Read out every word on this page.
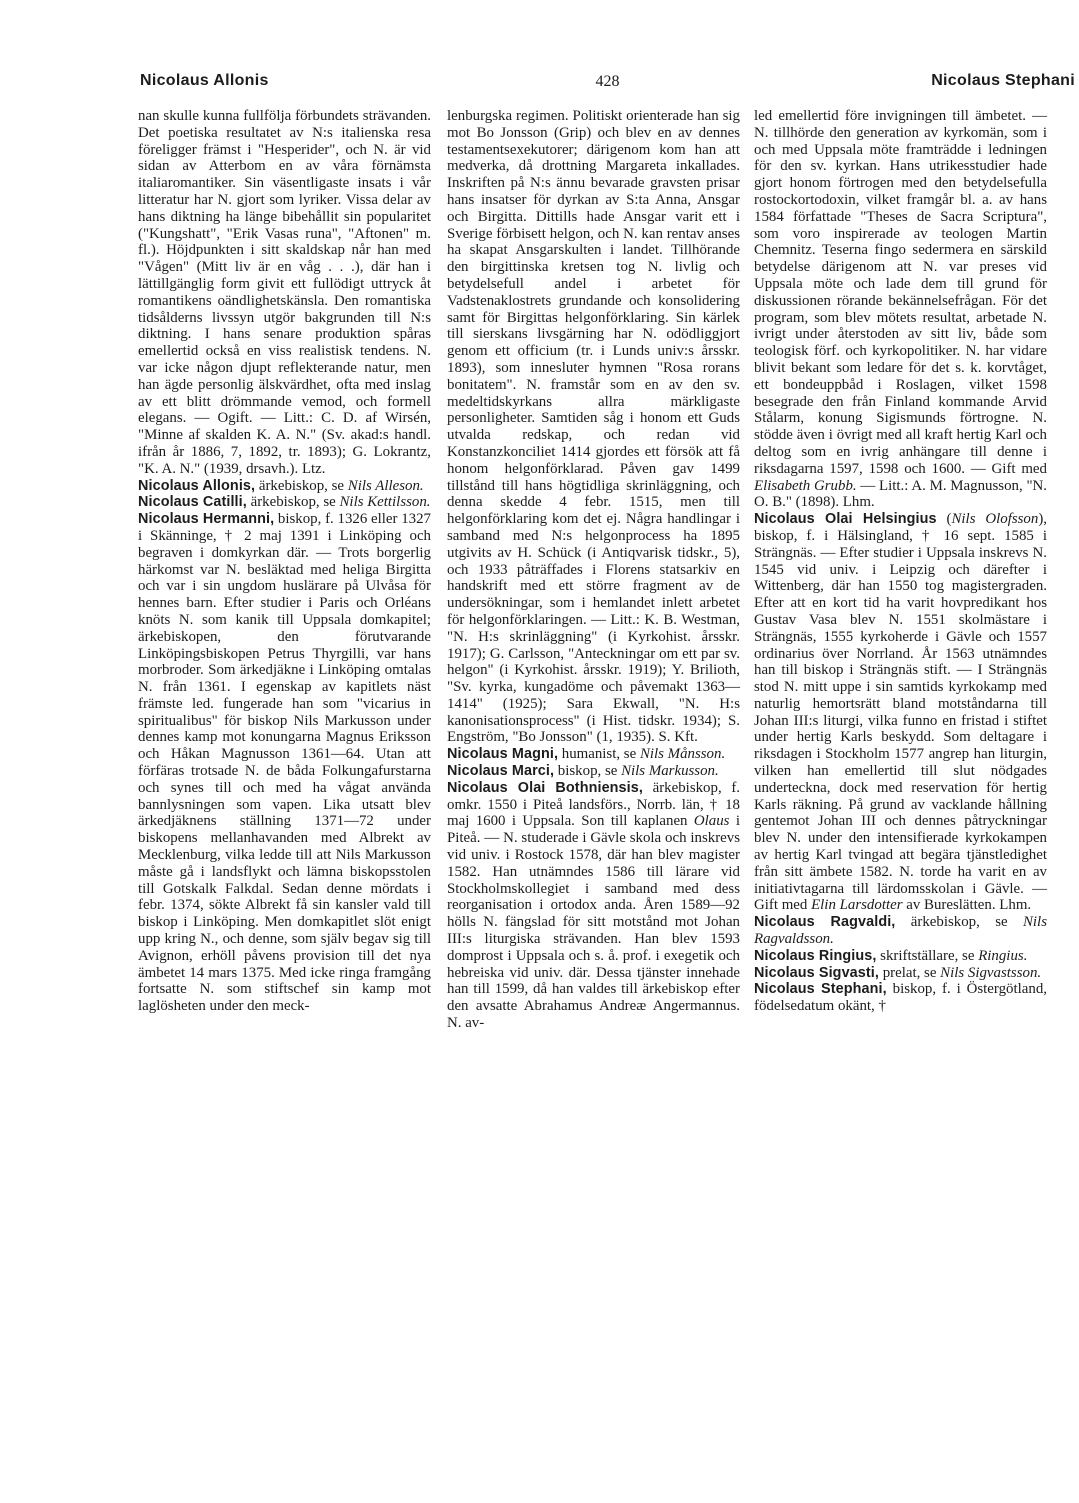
Nicolaus Allonis	428	Nicolaus Stephani

nan skulle kunna fullfölja förbundets strävanden. Det poetiska resultatet av N:s italienska resa föreligger främst i "Hesperider", och N. är vid sidan av Atterbom en av våra förnämsta italiaromantiker. Sin väsentligaste insats i vår litteratur har N. gjort som lyriker. Vissa delar av hans diktning ha länge bibehållit sin popularitet ("Kungshatt", "Erik Vasas runa", "Aftonen" m. fl.). Höjdpunkten i sitt skaldskap når han med "Vågen" (Mitt liv är en våg . . .), där han i lättillgänglig form givit ett fullödigt uttryck åt romantikens oändlighetskänsla. Den romantiska tidsålderns livssyn utgör bakgrunden till N:s diktning. I hans senare produktion spåras emellertid också en viss realistisk tendens. N. var icke någon djupt reflekterande natur, men han ägde personlig älskvärdhet, ofta med inslag av ett blitt drömmande vemod, och formell elegans. — Ogift. — Litt.: C. D. af Wirsén, "Minne af skalden K. A. N." (Sv. akad:s handl. ifrån år 1886, 7, 1892, tr. 1893); G. Lokrantz, "K. A. N." (1939, drsavh.). Ltz.

Nicolaus Allonis, ärkebiskop, se Nils Alleson.

Nicolaus Catilli, ärkebiskop, se Nils Kettilsson.

Nicolaus Hermanni, biskop, f. 1326 eller 1327 i Skänninge, † 2 maj 1391 i Linköping och begraven i domkyrkan där. — Trots borgerlig härkomst var N. besläktad med heliga Birgitta och var i sin ungdom huslärare på Ulvåsa för hennes barn. Efter studier i Paris och Orléans knöts N. som kanik till Uppsala domkapitel; ärkebiskopen, den förutvarande Linköpingsbiskopen Petrus Thyrgilli, var hans morbroder. Som ärkedjäkne i Linköping omtalas N. från 1361. I egenskap av kapitlets näst främste led. fungerade han som "vicarius in spiritualibus" för biskop Nils Markusson under dennes kamp mot konungarna Magnus Eriksson och Håkan Magnusson 1361—64. Utan att förfäras trotsade N. de båda Folkungafurstarna och synes till och med ha vågat använda bannlysningen som vapen. Lika utsatt blev ärkedjäknens ställning 1371—72 under biskopens mellanhavanden med Albrekt av Mecklenburg, vilka ledde till att Nils Markusson måste gå i landsflykt och lämna biskopsstolen till Gotskalk Falkdal. Sedan denne mördats i febr. 1374, sökte Albrekt få sin kansler vald till biskop i Linköping. Men domkapitlet slöt enigt upp kring N., och denne, som själv begav sig till Avignon, erhöll påvens provision till det nya ämbetet 14 mars 1375. Med icke ringa framgång fortsatte N. som stiftschef sin kamp mot laglösheten under den meck-

lenburgska regimen. Politiskt orienterade han sig mot Bo Jonsson (Grip) och blev en av dennes testamentsexekutorer; därigenom kom han att medverka, då drottning Margareta inkallades. Inskriften på N:s ännu bevarade gravsten prisar hans insatser för dyrkan av S:ta Anna, Ansgar och Birgitta. Dittills hade Ansgar varit ett i Sverige förbisett helgon, och N. kan rentav anses ha skapat Ansgarskulten i landet. Tillhörande den birgittinska kretsen tog N. livlig och betydelsefull andel i arbetet för Vadstenaklostrets grundande och konsolidering samt för Birgittas helgonförklaring. Sin kärlek till sierskans livsgärning har N. odödliggjort genom ett officium (tr. i Lunds univ:s årsskr. 1893), som innesluter hymnen "Rosa rorans bonitatem". N. framstår som en av den sv. medeltidskyrkans allra märkligaste personligheter. Samtiden såg i honom ett Guds utvalda redskap, och redan vid Konstanzkonciliet 1414 gjordes ett försök att få honom helgonförklarad. Påven gav 1499 tillstånd till hans högtidliga skrinläggning, och denna skedde 4 febr. 1515, men till helgonförklaring kom det ej. Några handlingar i samband med N:s helgonprocess ha 1895 utgivits av H. Schück (i Antiqvarisk tidskr., 5), och 1933 påträffades i Florens statsarkiv en handskrift med ett större fragment av de undersökningar, som i hemlandet inlett arbetet för helgonförklaringen. — Litt.: K. B. Westman, "N. H:s skrinläggning" (i Kyrkohist. årsskr. 1917); G. Carlsson, "Anteckningar om ett par sv. helgon" (i Kyrkohist. årsskr. 1919); Y. Brilioth, "Sv. kyrka, kungadöme och påvemakt 1363—1414" (1925); Sara Ekwall, "N. H:s kanonisationsprocess" (i Hist. tidskr. 1934); S. Engström, "Bo Jonsson" (1, 1935). S. Kft.

Nicolaus Magni, humanist, se Nils Månsson.

Nicolaus Marci, biskop, se Nils Markusson.

Nicolaus Olai Bothniensis, ärkebiskop, f. omkr. 1550 i Piteå landsförs., Norrb. län, † 18 maj 1600 i Uppsala. Son till kaplanen Olaus i Piteå. — N. studerade i Gävle skola och inskrevs vid univ. i Rostock 1578, där han blev magister 1582. Han utnämndes 1586 till lärare vid Stockholmskollegiet i samband med dess reorganisation i ortodox anda. Åren 1589—92 hölls N. fängslad för sitt motstånd mot Johan III:s liturgiska strävanden. Han blev 1593 domprost i Uppsala och s. å. prof. i exegetik och hebreiska vid univ. där. Dessa tjänster innehade han till 1599, då han valdes till ärkebiskop efter den avsatte Abrahamus Andreæ Angermannus. N. av-

led emellertid före invigningen till ämbetet. — N. tillhörde den generation av kyrkomän, som i och med Uppsala möte framträdde i ledningen för den sv. kyrkan. Hans utrikesstudier hade gjort honom förtrogen med den betydelsefulla rostockortodoxin, vilket framgår bl. a. av hans 1584 författade "Theses de Sacra Scriptura", som voro inspirerade av teologen Martin Chemnitz. Teserna fingo sedermera en särskild betydelse därigenom att N. var preses vid Uppsala möte och lade dem till grund för diskussionen rörande bekännelsefrågan. För det program, som blev mötets resultat, arbetade N. ivrigt under återstoden av sitt liv, både som teologisk förf. och kyrkopolitiker. N. har vidare blivit bekant som ledare för det s. k. korvtåget, ett bondeuppbåd i Roslagen, vilket 1598 besegrade den från Finland kommande Arvid Stålarm, konung Sigismunds förtrogne. N. stödde även i övrigt med all kraft hertig Karl och deltog som en ivrig anhängare till denne i riksdagarna 1597, 1598 och 1600. — Gift med Elisabeth Grubb. — Litt.: A. M. Magnusson, "N. O. B." (1898). Lhm.

Nicolaus Olai Helsingius (Nils Olofsson), biskop, f. i Hälsingland, † 16 sept. 1585 i Strängnäs. — Efter studier i Uppsala inskrevs N. 1545 vid univ. i Leipzig och därefter i Wittenberg, där han 1550 tog magistergraden. Efter att en kort tid ha varit hovpredikant hos Gustav Vasa blev N. 1551 skolmästare i Strängnäs, 1555 kyrkoherde i Gävle och 1557 ordinarius över Norrland. År 1563 utnämndes han till biskop i Strängnäs stift. — I Strängnäs stod N. mitt uppe i sin samtids kyrkokamp med naturlig hemortsrätt bland motståndarna till Johan III:s liturgi, vilka funno en fristad i stiftet under hertig Karls beskydd. Som deltagare i riksdagen i Stockholm 1577 angrep han liturgin, vilken han emellertid till slut nödgades underteckna, dock med reservation för hertig Karls räkning. På grund av vacklande hållning gentemot Johan III och dennes påtryckningar blev N. under den intensifierade kyrkokampen av hertig Karl tvingad att begära tjänstledighet från sitt ämbete 1582. N. torde ha varit en av initiativtagarna till lärdomsskolan i Gävle. — Gift med Elin Larsdotter av Bureslätten. Lhm.

Nicolaus Ragvaldi, ärkebiskop, se Nils Ragvaldsson.

Nicolaus Ringius, skriftställare, se Ringius.

Nicolaus Sigvasti, prelat, se Nils Sigvastsson.

Nicolaus Stephani, biskop, f. i Östergötland, födelsedatum okänt, †
